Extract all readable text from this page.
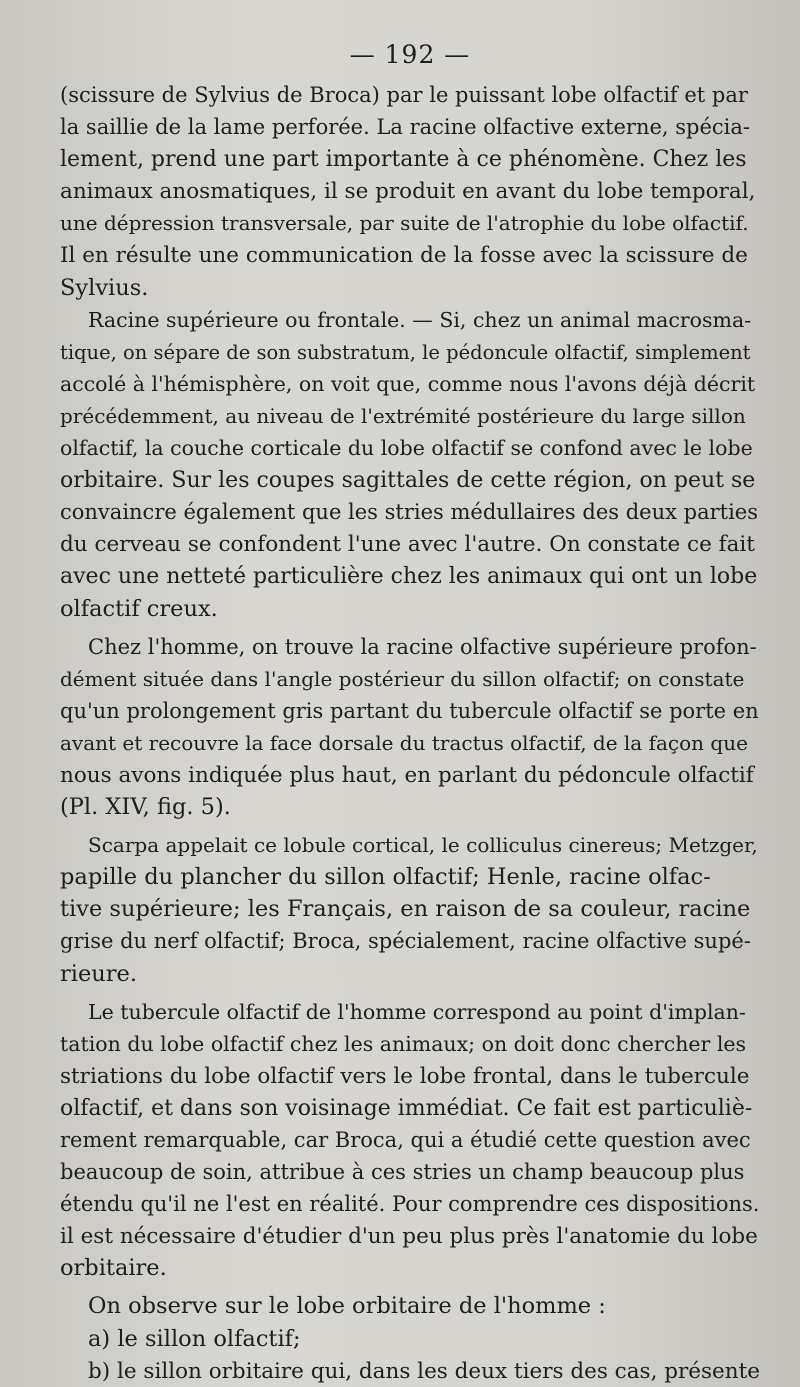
— 192 —

(scissure de Sylvius de Broca) par le puissant lobe olfactif et par
la saillie de la lame perforée. La racine olfactive externe, spécia-
lement, prend une part importante à ce phénomène. Chez les
animaux anosmatiques, il se produit en avant du lobe temporal,
une dépression transversale, par suite de l'atrophie du lobe olfactif.
Il en résulte une communication de la fosse avec la scissure de
Sylvius.

Racine supérieure ou frontale. — Si, chez un animal macrosma-
tique, on sépare de son substratum, le pédoncule olfactif, simplement
accolé à l'hémisphère, on voit que, comme nous l'avons déjà décrit
précédemment, au niveau de l'extrémité postérieure du large sillon
olfactif, la couche corticale du lobe olfactif se confond avec le lobe
orbitaire. Sur les coupes sagittales de cette région, on peut se
convaincre également que les stries médullaires des deux parties
du cerveau se confondent l'une avec l'autre. On constate ce fait
avec une netteté particulière chez les animaux qui ont un lobe
olfactif creux.

Chez l'homme, on trouve la racine olfactive supérieure profon-
dément située dans l'angle postérieur du sillon olfactif; on constate
qu'un prolongement gris partant du tubercule olfactif se porte en
avant et recouvre la face dorsale du tractus olfactif, de la façon que
nous avons indiquée plus haut, en parlant du pédoncule olfactif
(Pl. XIV, fig. 5).

Scarpa appelait ce lobule cortical, le colliculus cinereus; Metzger,
papille du plancher du sillon olfactif; Henle, racine olfac-
tive supérieure; les Français, en raison de sa couleur, racine
grise du nerf olfactif; Broca, spécialement, racine olfactive supé-
rieure.

Le tubercule olfactif de l'homme correspond au point d'implan-
tation du lobe olfactif chez les animaux; on doit donc chercher les
striations du lobe olfactif vers le lobe frontal, dans le tubercule
olfactif, et dans son voisinage immédiat. Ce fait est particuliè-
rement remarquable, car Broca, qui a étudié cette question avec
beaucoup de soin, attribue à ces stries un champ beaucoup plus
étendu qu'il ne l'est en réalité. Pour comprendre ces dispositions.
il est nécessaire d'étudier d'un peu plus près l'anatomie du lobe
orbitaire.

On observe sur le lobe orbitaire de l'homme :
a) le sillon olfactif;
b) le sillon orbitaire qui, dans les deux tiers des cas, présente
